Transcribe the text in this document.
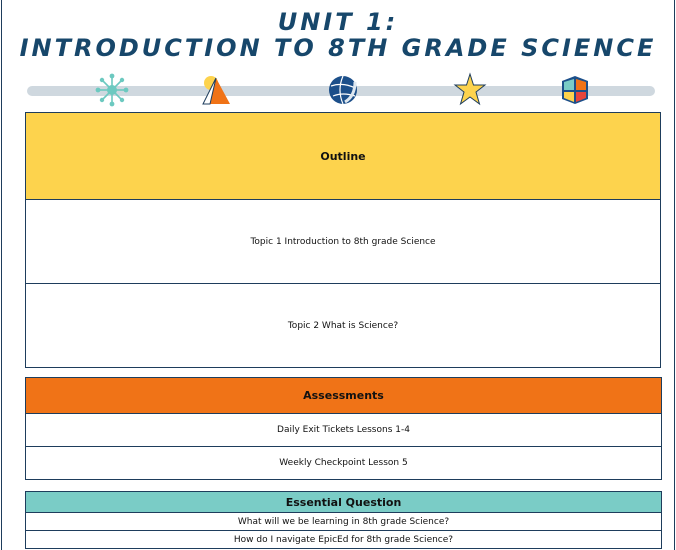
UNIT 1:
INTRODUCTION TO 8TH GRADE SCIENCE
Outline
Topic 1 Introduction to 8th grade Science
Topic 2 What is Science?
Assessments
Daily Exit Tickets Lessons 1-4
Weekly Checkpoint Lesson 5
Essential Question
What will we be learning in 8th grade Science?
How do I navigate EpicEd for 8th grade Science?
